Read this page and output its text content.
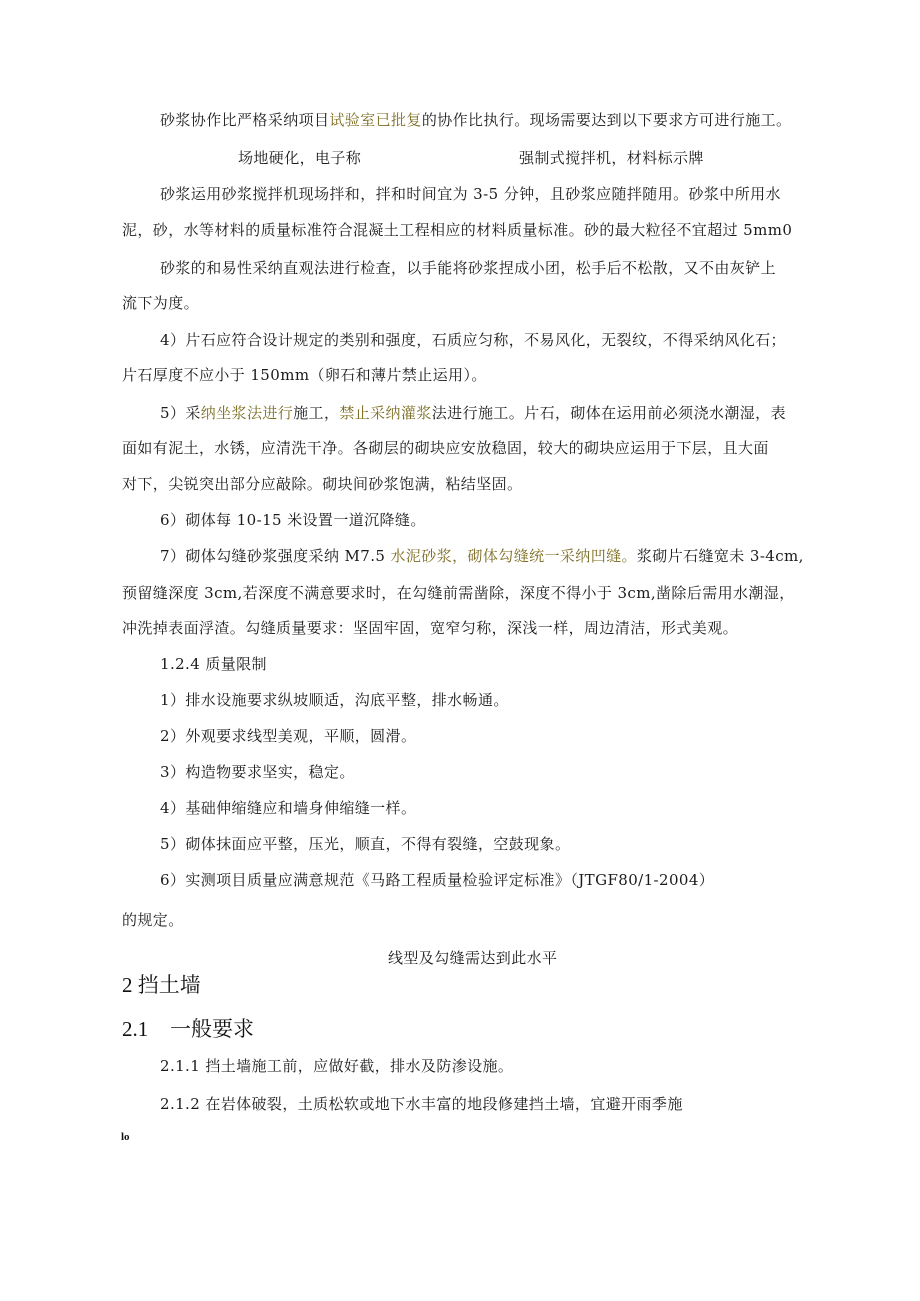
砂浆协作比严格采纳项目试验室已批复的协作比执行。现场需要达到以下要求方可进行施工。
场地硬化，电子称	强制式搅拌机，材料标示牌
砂浆运用砂浆搅拌机现场拌和，拌和时间宜为 3-5 分钟，且砂浆应随拌随用。砂浆中所用水
泥，砂，水等材料的质量标准符合混凝土工程相应的材料质量标准。砂的最大粒径不宜超过 5mm0
砂浆的和易性采纳直观法进行检查，以手能将砂浆捏成小团，松手后不松散，又不由灰铲上
流下为度。
4）片石应符合设计规定的类别和强度，石质应匀称，不易风化，无裂纹，不得采纳风化石；
片石厚度不应小于 150mm（卵石和薄片禁止运用）。
5）采纳坐浆法进行施工，禁止采纳灌浆法进行施工。片石，砌体在运用前必须浇水潮湿，表
面如有泥土，水锈，应清洗干净。各砌层的砌块应安放稳固，较大的砌块应运用于下层，且大面
对下，尖锐突出部分应敲除。砌块间砂浆饱满，粘结坚固。
6）砌体每 10-15 米设置一道沉降缝。
7）砌体勾缝砂浆强度采纳 M7.5 水泥砂浆，砌体勾缝统一采纳凹缝。浆砌片石缝宽未 3-4cm,
预留缝深度 3cm,若深度不满意要求时，在勾缝前需凿除，深度不得小于 3cm,凿除后需用水潮湿，
冲洗掉表面浮渣。勾缝质量要求：坚固牢固，宽窄匀称，深浅一样，周边清洁，形式美观。
1.2.4 质量限制
1）排水设施要求纵坡顺适，沟底平整，排水畅通。
2）外观要求线型美观，平顺，圆滑。
3）构造物要求坚实，稳定。
4）基础伸缩缝应和墙身伸缩缝一样。
5）砌体抹面应平整，压光，顺直，不得有裂缝，空鼓现象。
6）实测项目质量应满意规范《马路工程质量检验评定标准》（JTGF80/1-2004）
的规定。
线型及勾缝需达到此水平
2 挡土墙
2.1 一般要求
2.1.1 挡土墙施工前，应做好截，排水及防渗设施。
2.1.2 在岩体破裂，土质松软或地下水丰富的地段修建挡土墙，宜避开雨季施
lo
